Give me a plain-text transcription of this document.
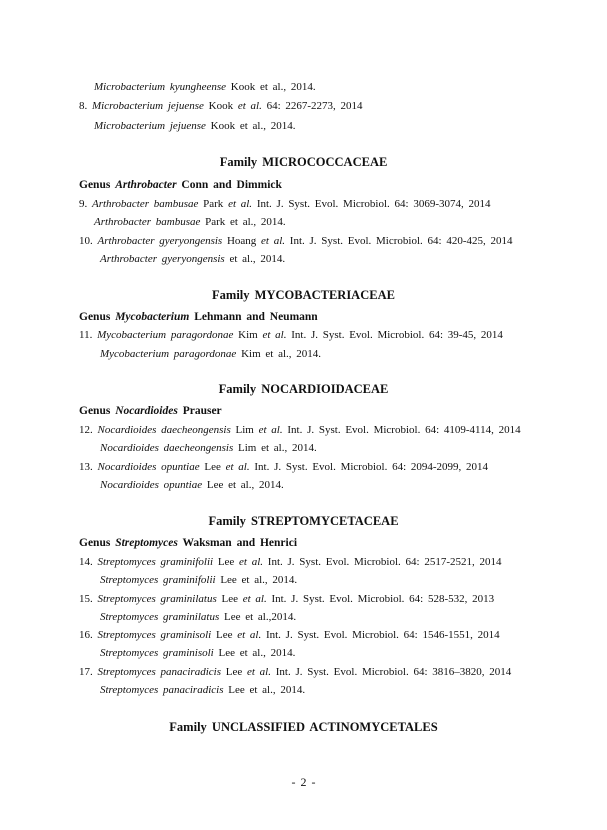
Microbacterium kyungheense Kook et al., 2014.
8. Microbacterium jejuense Kook et al. 64: 2267-2273, 2014
Microbacterium jejuense Kook et al., 2014.
Family MICROCOCCACEAE
Genus Arthrobacter Conn and Dimmick
9. Arthrobacter bambusae Park et al. Int. J. Syst. Evol. Microbiol. 64: 3069-3074, 2014
Arthrobacter bambusae Park et al., 2014.
10. Arthrobacter gyeryongensis Hoang et al. Int. J. Syst. Evol. Microbiol. 64: 420-425, 2014
Arthrobacter gyeryongensis et al., 2014.
Family MYCOBACTERIACEAE
Genus Mycobacterium Lehmann and Neumann
11. Mycobacterium paragordonae Kim et al. Int. J. Syst. Evol. Microbiol. 64: 39-45, 2014
Mycobacterium paragordonae Kim et al., 2014.
Family NOCARDIOIDACEAE
Genus Nocardioides Prauser
12. Nocardioides daecheongensis Lim et al. Int. J. Syst. Evol. Microbiol. 64: 4109-4114, 2014
Nocardioides daecheongensis Lim et al., 2014.
13. Nocardioides opuntiae Lee et al. Int. J. Syst. Evol. Microbiol. 64: 2094-2099, 2014
Nocardioides opuntiae Lee et al., 2014.
Family STREPTOMYCETACEAE
Genus Streptomyces Waksman and Henrici
14. Streptomyces graminifolii Lee et al. Int. J. Syst. Evol. Microbiol. 64: 2517-2521, 2014
Streptomyces graminifolii Lee et al., 2014.
15. Streptomyces graminilatus Lee et al. Int. J. Syst. Evol. Microbiol. 64: 528-532, 2013
Streptomyces graminilatus Lee et al.,2014.
16. Streptomyces graminisoli Lee et al. Int. J. Syst. Evol. Microbiol. 64: 1546-1551, 2014
Streptomyces graminisoli Lee et al., 2014.
17. Streptomyces panaciradicis Lee et al. Int. J. Syst. Evol. Microbiol. 64: 3816–3820, 2014
Streptomyces panaciradicis Lee et al., 2014.
Family UNCLASSIFIED ACTINOMYCETALES
- 2 -
